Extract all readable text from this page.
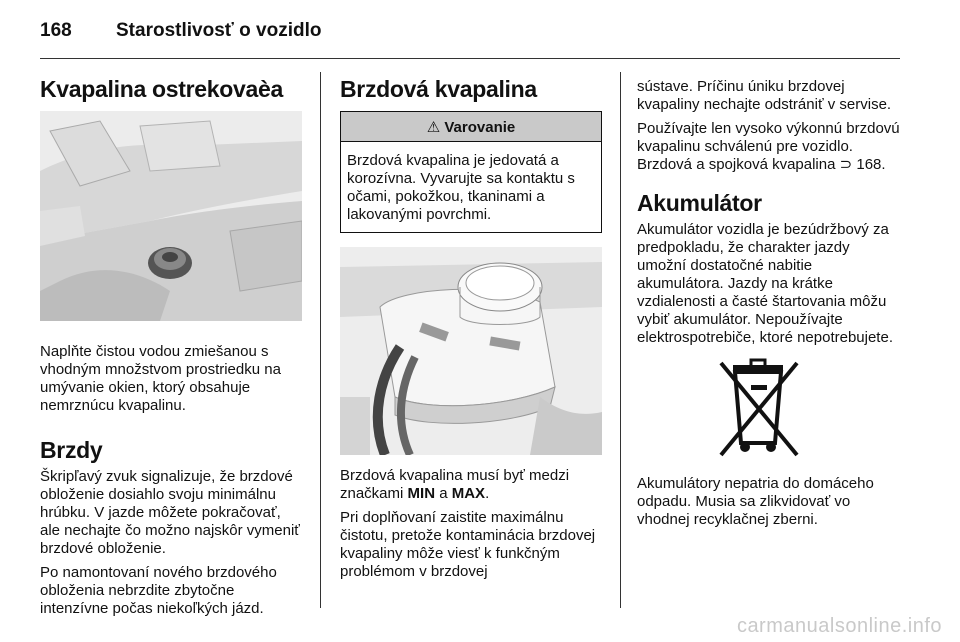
168 Starostlivosť o vozidlo
Kvapalina ostrekovaèa

Naplňte čistou vodou zmiešanou s vhodným množstvom prostriedku na umývanie okien, ktorý obsahuje nemrznúcu kvapalinu.

Brzdy

Škripľavý zvuk signalizuje, že brzdové obloženie dosiahlo svoju minimálnu hrúbku. V jazde môžete pokračovať, ale nechajte čo možno najskôr vymeniť brzdové obloženie.

Po namontovaní nového brzdového obloženia nebrzdite zbytočne intenzívne počas niekoľkých jázd.

Brzdová kvapalina
⚠ Varovanie
Brzdová kvapalina je jedovatá a korozívna. Vyvarujte sa kontaktu s očami, pokožkou, tkaninami a lakovanými povrchmi.

Brzdová kvapalina musí byť medzi značkami MIN a MAX.

Pri doplňovaní zaistite maximálnu čistotu, pretože kontaminácia brzdovej kvapaliny môže viesť k funkčným problémom v brzdovej

sústave. Príčinu úniku brzdovej kvapaliny nechajte odstrániť v servise.

Používajte len vysoko výkonnú brzdovú kvapalinu schválenú pre vozidlo. Brzdová a spojková kvapalina ⊃ 168.

Akumulátor

Akumulátor vozidla je bezúdržbový za predpokladu, že charakter jazdy umožní dostatočné nabitie akumulátora. Jazdy na krátke vzdialenosti a časté štartovania môžu vybiť akumulátor. Nepoužívajte elektrospotrebiče, ktoré nepotrebujete.

Akumulátory nepatria do domáceho odpadu. Musia sa zlikvidovať vo vhodnej recyklačnej zberni.

carmanualsonline.info
